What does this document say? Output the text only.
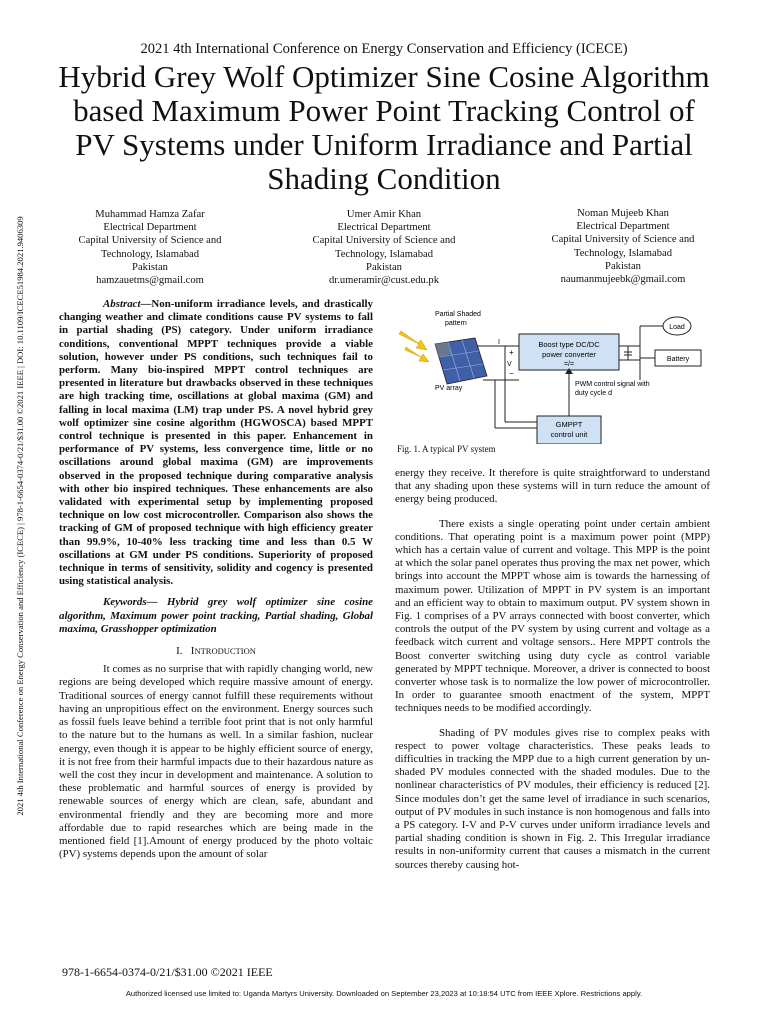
2021 4th International Conference on Energy Conservation and Efficiency (ICECE) | 978-1-6654-0374-0/21/$31.00 ©2021 IEEE | DOI: 10.1109/ICECE51984.2021.9406309
2021 4th International Conference on Energy Conservation and Efficiency (ICECE)
Hybrid Grey Wolf Optimizer Sine Cosine Algorithm
based Maximum Power Point Tracking Control of
PV Systems under Uniform Irradiance and Partial
Shading Condition
Muhammad Hamza Zafar
Electrical Department
Capital University of Science and
Technology, Islamabad
Pakistan
hamzauetms@gmail.com
Umer Amir Khan
Electrical Department
Capital University of Science and
Technology, Islamabad
Pakistan
dr.umeramir@cust.edu.pk
Noman Mujeeb Khan
Electrical Department
Capital University of Science and
Technology, Islamabad
Pakistan
naumanmujeebk@gmail.com

Abstract—Non-uniform irradiance levels, and drastically changing weather and climate conditions cause PV systems to fall in partial shading (PS) category. Under uniform irradiance conditions, conventional MPPT techniques provide a viable solution, however under PS conditions, such techniques fail to perform. Many bio-inspired MPPT control techniques are presented in literature but drawbacks observed in these techniques are high tracking time, oscillations at global maxima (GM) and falling in local maxima (LM) trap under PS. A novel hybrid grey wolf optimizer sine cosine algorithm (HGWOSCA) based MPPT control technique is presented in this paper. Enhancement in performance of PV systems, less convergence time, little or no oscillations around global maxima (GM) are improvements observed in the proposed technique during comparative analysis with other bio inspired techniques. These enhancements are also validated with experimental setup by implementing proposed technique on low cost microcontroller. Comparison also shows the tracking of GM of proposed technique with high efficiency greater than 99.9%, 10-40% less tracking time and less than 0.5 W oscillations at GM under PS conditions. Superiority of proposed technique in terms of sensitivity, solidity and cogency is presented using statistical analysis.

Keywords— Hybrid grey wolf optimizer sine cosine algorithm, Maximum power point tracking, Partial shading, Global maxima, Grasshopper optimization

I. INTRODUCTION

It comes as no surprise that with rapidly changing world, new regions are being developed which require massive amount of energy. Traditional sources of energy cannot fulfill these requirements without having an unpropitious effect on the environment. Energy sources such as fossil fuels leave behind a terrible foot print that is not only harmful to the nature but to the humans as well. In a similar fashion, nuclear energy, even though it is appear to be highly efficient source of energy, it is not free from their harmful impacts due to their hazardous nature as well the cost they incur in development and maintenance. A solution to these problematic and harmful sources of energy is provided by renewable sources of energy which are clean, safe, abundant and environmental friendly and they are becoming more and more affordable due to rapid researches which are being made in the mentioned field [1].Amount of energy produced by the photo voltaic (PV) systems depends upon the amount of solar

Partial Shaded
pattern
PV array
I
+
V
−
Boost type DC/DC
power converter
=/=
Load
Battery
PWM control signal with
duty cycle d
GMPPT
control unit
Fig. 1. A typical PV system

energy they receive. It therefore is quite straightforward to understand that any shading upon these systems will in turn reduce the amount of energy being produced.

There exists a single operating point under certain ambient conditions. That operating point is a maximum power point (MPP) which has a certain value of current and voltage. This MPP is the point at which the solar panel operates thus proving the max net power, which brings into account the MPPT whose aim is towards the harnessing of maximum power. Utilization of MPPT in PV system is an important and an efficient way to obtain to maximum output. PV system shown in Fig. 1 comprises of a PV arrays connected with boost converter, which controls the output of the PV system by using current and voltage as a feedback witch current and voltage sensors.. Here MPPT controls the Boost converter switching using duty cycle as control variable generated by MPPT technique. Moreover, a driver is connected to boost converter whose task is to normalize the low power of microcontroller. In order to guarantee smooth enactment of the system, MPPT techniques needs to be modified accordingly.

Shading of PV modules gives rise to complex peaks with respect to power voltage characteristics. These peaks leads to difficulties in tracking the MPP due to a high current generation by un-shaded PV modules connected with the shaded modules. Due to the nonlinear characteristics of PV modules, their efficiency is reduced [2]. Since modules don’t get the same level of irradiance in such scenarios, output of PV modules in such instance is non homogenous and falls into a PS category. I-V and P-V curves under uniform irradiance levels and partial shading condition is shown in Fig. 2. This Irregular irradiance results in non-uniformity current that causes a mismatch in the current sources thereby causing hot-

978-1-6654-0374-0/21/$31.00 ©2021 IEEE
Authorized licensed use limited to: Uganda Martyrs University. Downloaded on September 23,2023 at 10:18:54 UTC from IEEE Xplore. Restrictions apply.
